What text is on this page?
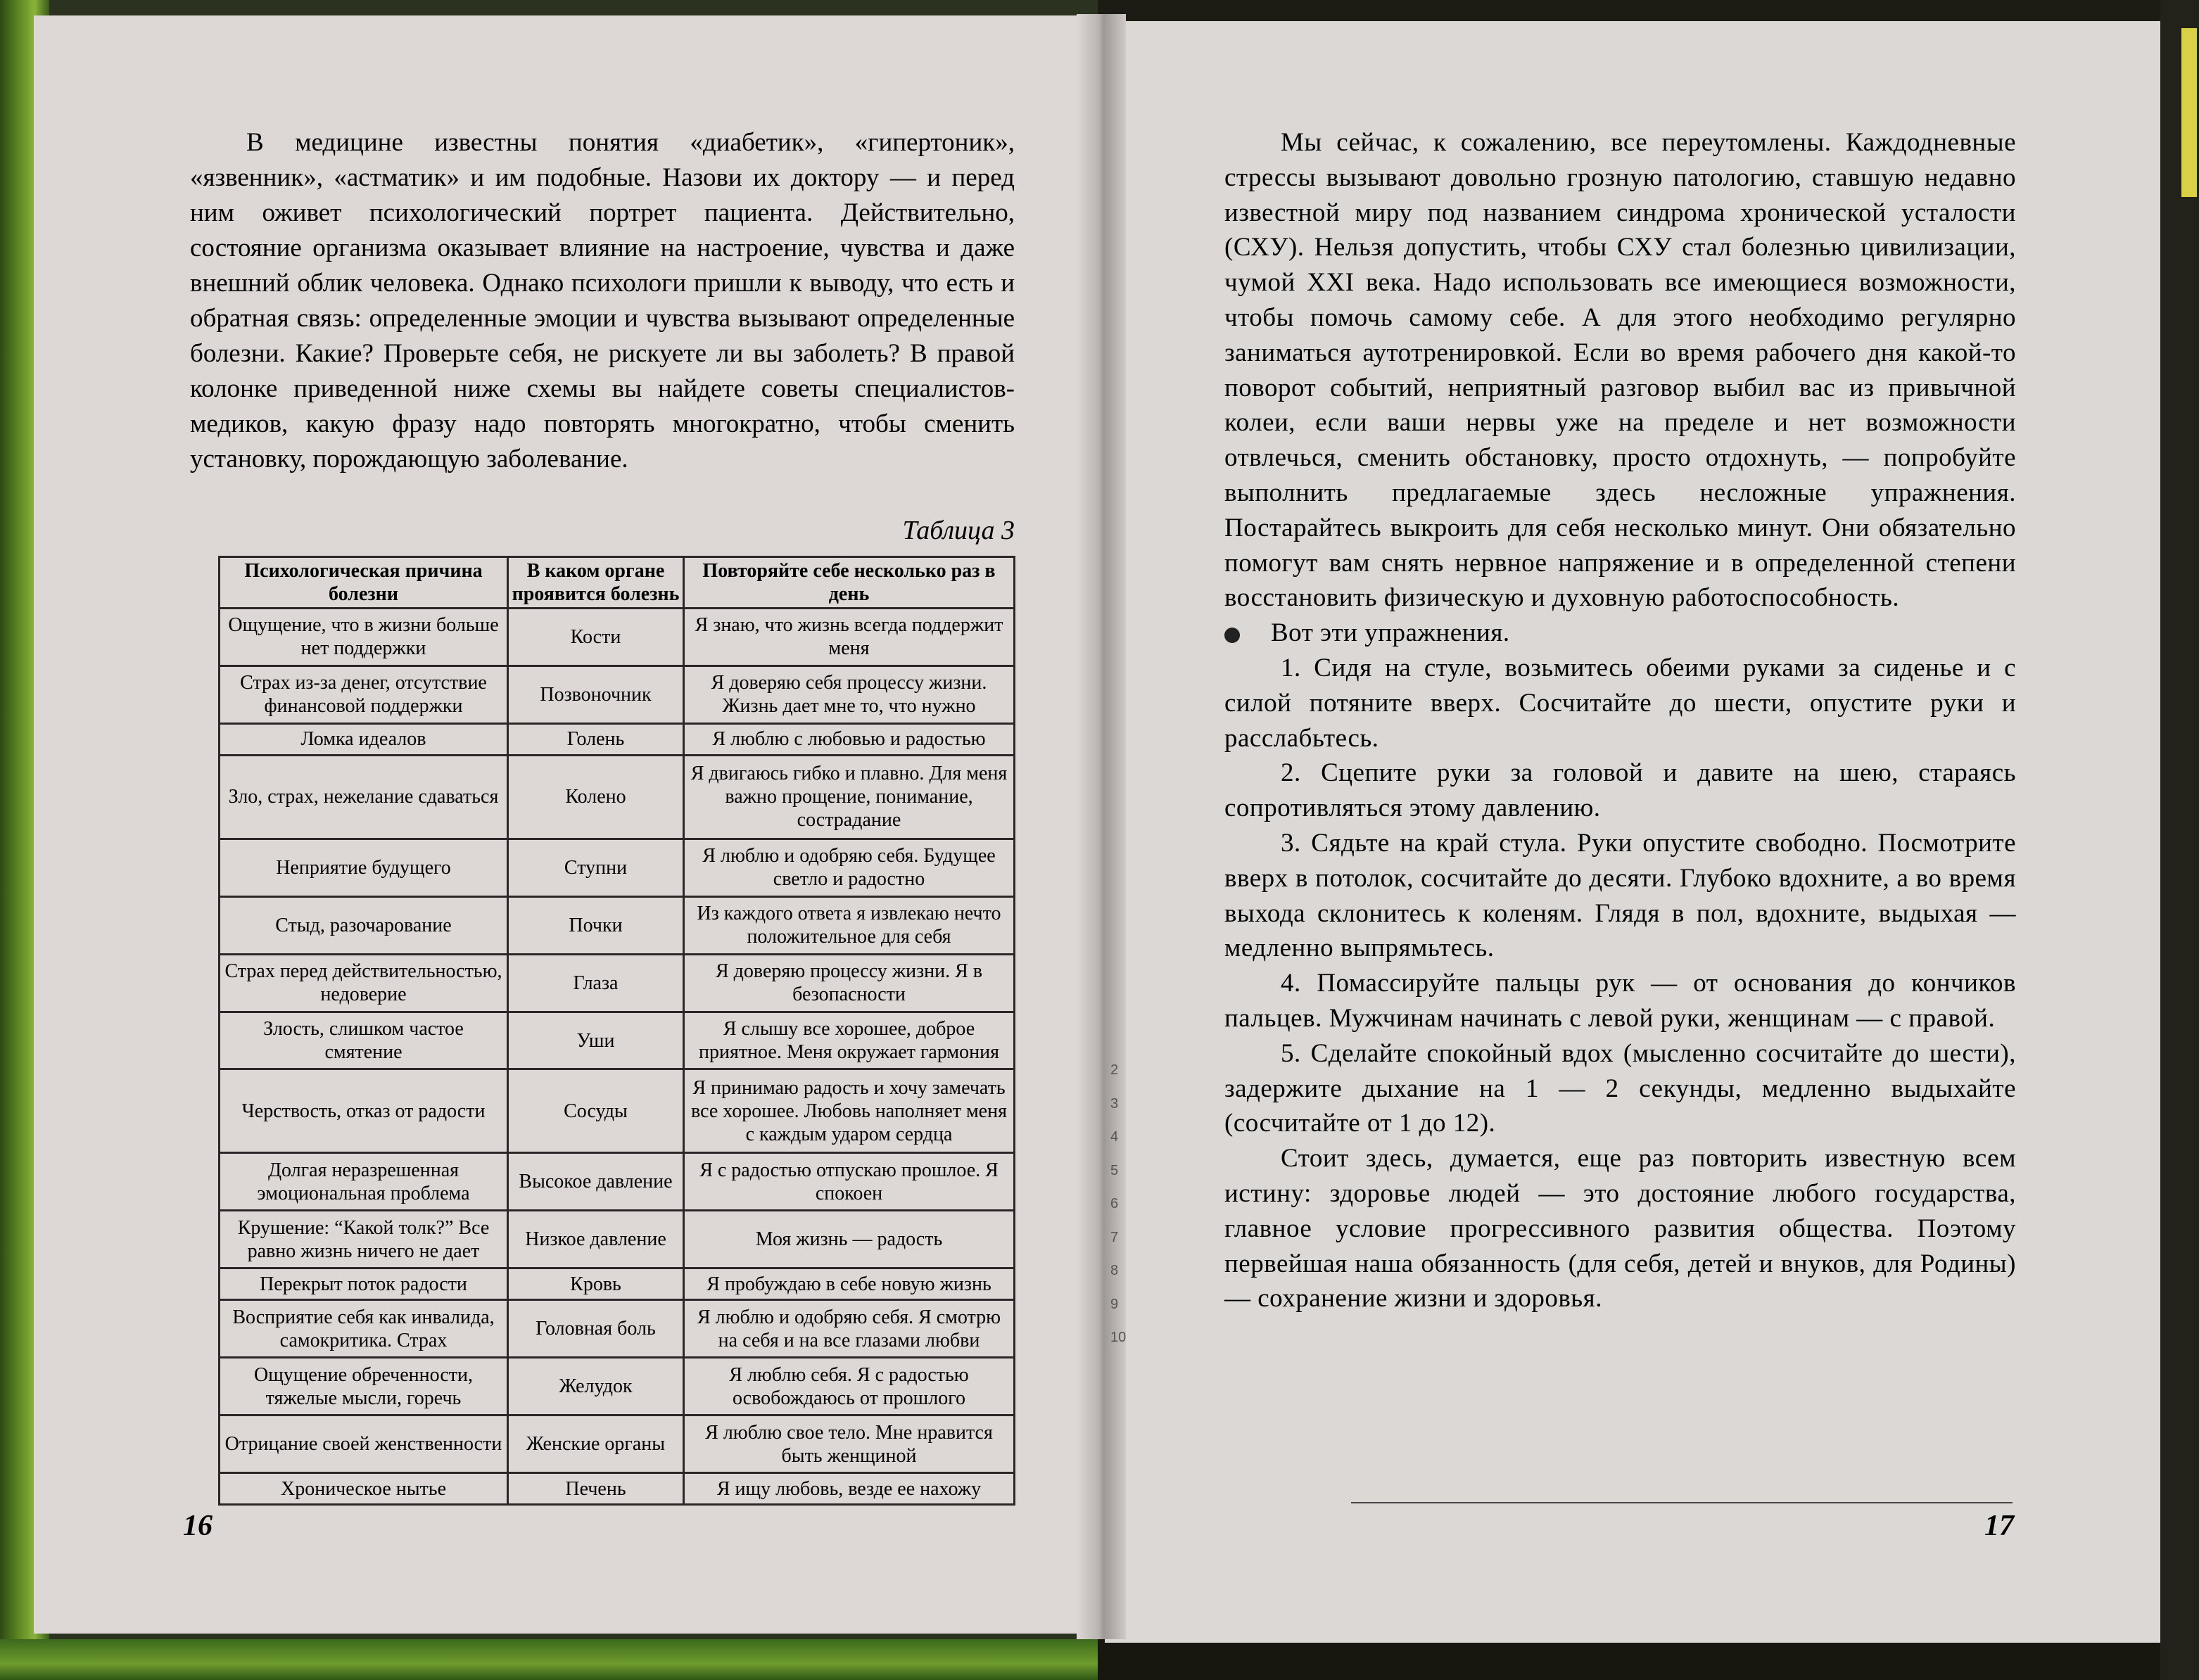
В медицине известны понятия «диабетик», «гипертоник», «язвенник», «астматик» и им подобные. Назови их доктору — и перед ним оживет психологический портрет пациента. Действительно, состояние организма оказывает влияние на настроение, чувства и даже внешний облик человека. Однако психологи пришли к выводу, что есть и обратная связь: определенные эмоции и чувства вызывают определенные болезни. Какие? Проверьте себя, не рискуете ли вы заболеть? В правой колонке приведенной ниже схемы вы найдете советы специалистов-медиков, какую фразу надо повторять многократно, чтобы сменить установку, порождающую заболевание.

Таблица 3
Психологическая причина болезни	В каком органе проявится болезнь	Повторяйте себе несколько раз в день
Ощущение, что в жизни больше нет поддержки	Кости	Я знаю, что жизнь всегда поддержит меня
Страх из-за денег, отсутствие финансовой поддержки	Позвоночник	Я доверяю себя процессу жизни. Жизнь дает мне то, что нужно
Ломка идеалов	Голень	Я люблю с любовью и радостью
Зло, страх, нежелание сдаваться	Колено	Я двигаюсь гибко и плавно. Для меня важно прощение, понимание, сострадание
Неприятие будущего	Ступни	Я люблю и одобряю себя. Будущее светло и радостно
Стыд, разочарование	Почки	Из каждого ответа я извлекаю нечто положительное для себя
Страх перед действительностью, недоверие	Глаза	Я доверяю процессу жизни. Я в безопасности
Злость, слишком частое смятение	Уши	Я слышу все хорошее, доброе приятное. Меня окружает гармония
Черствость, отказ от радости	Сосуды	Я принимаю радость и хочу замечать все хорошее. Любовь наполняет меня с каждым ударом сердца
Долгая неразрешенная эмоциональная проблема	Высокое давление	Я с радостью отпускаю прошлое. Я спокоен
Крушение: “Какой толк?” Все равно жизнь ничего не дает	Низкое давление	Моя жизнь — радость
Перекрыт поток радости	Кровь	Я пробуждаю в себе новую жизнь
Восприятие себя как инвалида, самокритика. Страх	Головная боль	Я люблю и одобряю себя. Я смотрю на себя и на все глазами любви
Ощущение обреченности, тяжелые мысли, горечь	Желудок	Я люблю себя. Я с радостью освобождаюсь от прошлого
Отрицание своей женственности	Женские органы	Я люблю свое тело. Мне нравится быть женщиной
Хроническое нытье	Печень	Я ищу любовь, везде ее нахожу
16

Мы сейчас, к сожалению, все переутомлены. Каждодневные стрессы вызывают довольно грозную патологию, ставшую недавно известной миру под названием синдрома хронической усталости (СХУ). Нельзя допустить, чтобы СХУ стал болезнью цивилизации, чумой XXI века. Надо использовать все имеющиеся возможности, чтобы помочь самому себе. А для этого необходимо регулярно заниматься аутотренировкой. Если во время рабочего дня какой-то поворот событий, неприятный разговор выбил вас из привычной колеи, если ваши нервы уже на пределе и нет возможности отвлечься, сменить обстановку, просто отдохнуть, — попробуйте выполнить предлагаемые здесь несложные упражнения. Постарайтесь выкроить для себя несколько минут. Они обязательно помогут вам снять нервное напряжение и в определенной степени восстановить физическую и духовную работоспособность.

Вот эти упражнения.

1. Сидя на стуле, возьмитесь обеими руками за сиденье и с силой потяните вверх. Сосчитайте до шести, опустите руки и расслабьтесь.

2. Сцепите руки за головой и давите на шею, стараясь сопротивляться этому давлению.

3. Сядьте на край стула. Руки опустите свободно. Посмотрите вверх в потолок, сосчитайте до десяти. Глубоко вдохните, а во время выхода склонитесь к коленям. Глядя в пол, вдохните, выдыхая — медленно выпрямьтесь.

4. Помассируйте пальцы рук — от основания до кончиков пальцев. Мужчинам начинать с левой руки, женщинам — с правой.

5. Сделайте спокойный вдох (мысленно сосчитайте до шести), задержите дыхание на 1 — 2 секунды, медленно выдыхайте (сосчитайте от 1 до 12).

Стоит здесь, думается, еще раз повторить известную всем истину: здоровье людей — это достояние любого государства, главное условие прогрессивного развития общества. Поэтому первейшая наша обязанность (для себя, детей и внуков, для Родины) — сохранение жизни и здоровья.

2
3
4
5
6
7
8
9
10
17
